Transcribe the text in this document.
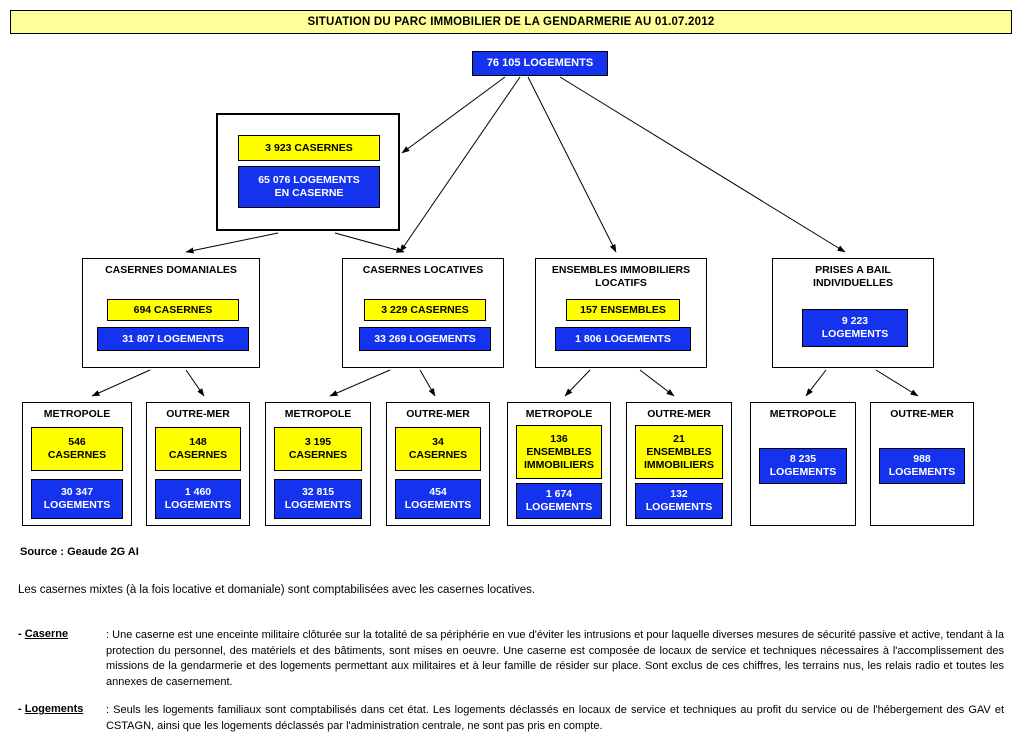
SITUATION DU PARC IMMOBILIER DE LA GENDARMERIE AU 01.07.2012
76 105 LOGEMENTS
3 923 CASERNES
65 076 LOGEMENTS
EN CASERNE
CASERNES DOMANIALES
694 CASERNES
31 807 LOGEMENTS
CASERNES LOCATIVES
3 229 CASERNES
33 269 LOGEMENTS
ENSEMBLES IMMOBILIERS
LOCATIFS
157 ENSEMBLES
1 806 LOGEMENTS
PRISES A BAIL
INDIVIDUELLES
9 223
LOGEMENTS
METROPOLE
546
CASERNES
30 347
LOGEMENTS
OUTRE-MER
148
CASERNES
1 460
LOGEMENTS
METROPOLE
3 195
CASERNES
32 815
LOGEMENTS
OUTRE-MER
34
CASERNES
454
LOGEMENTS
METROPOLE
136
ENSEMBLES
IMMOBILIERS
1 674
LOGEMENTS
OUTRE-MER
21
ENSEMBLES
IMMOBILIERS
132
LOGEMENTS
METROPOLE
8 235
LOGEMENTS
OUTRE-MER
988
LOGEMENTS
Source : Geaude 2G AI
Les casernes mixtes (à la fois locative et domaniale) sont comptabilisées avec les casernes locatives.
- Caserne	: Une caserne est une enceinte militaire clôturée sur la totalité de sa périphérie en vue d'éviter les intrusions et pour laquelle diverses mesures de sécurité passive et active, tendant à la protection du personnel, des matériels et des bâtiments, sont mises en oeuvre. Une caserne est composée de locaux de service et techniques nécessaires à l'accomplissement des missions de la gendarmerie et des logements permettant aux militaires et à leur famille de résider sur place. Sont exclus de ces chiffres, les terrains nus, les relais radio et toutes les annexes de casernement.
- Logements	: Seuls les logements familiaux sont comptabilisés dans cet état. Les logements déclassés en locaux de service et techniques au profit du service ou de l'hébergement des GAV et CSTAGN, ainsi que les logements déclassés par l'administration centrale, ne sont pas pris en compte.
